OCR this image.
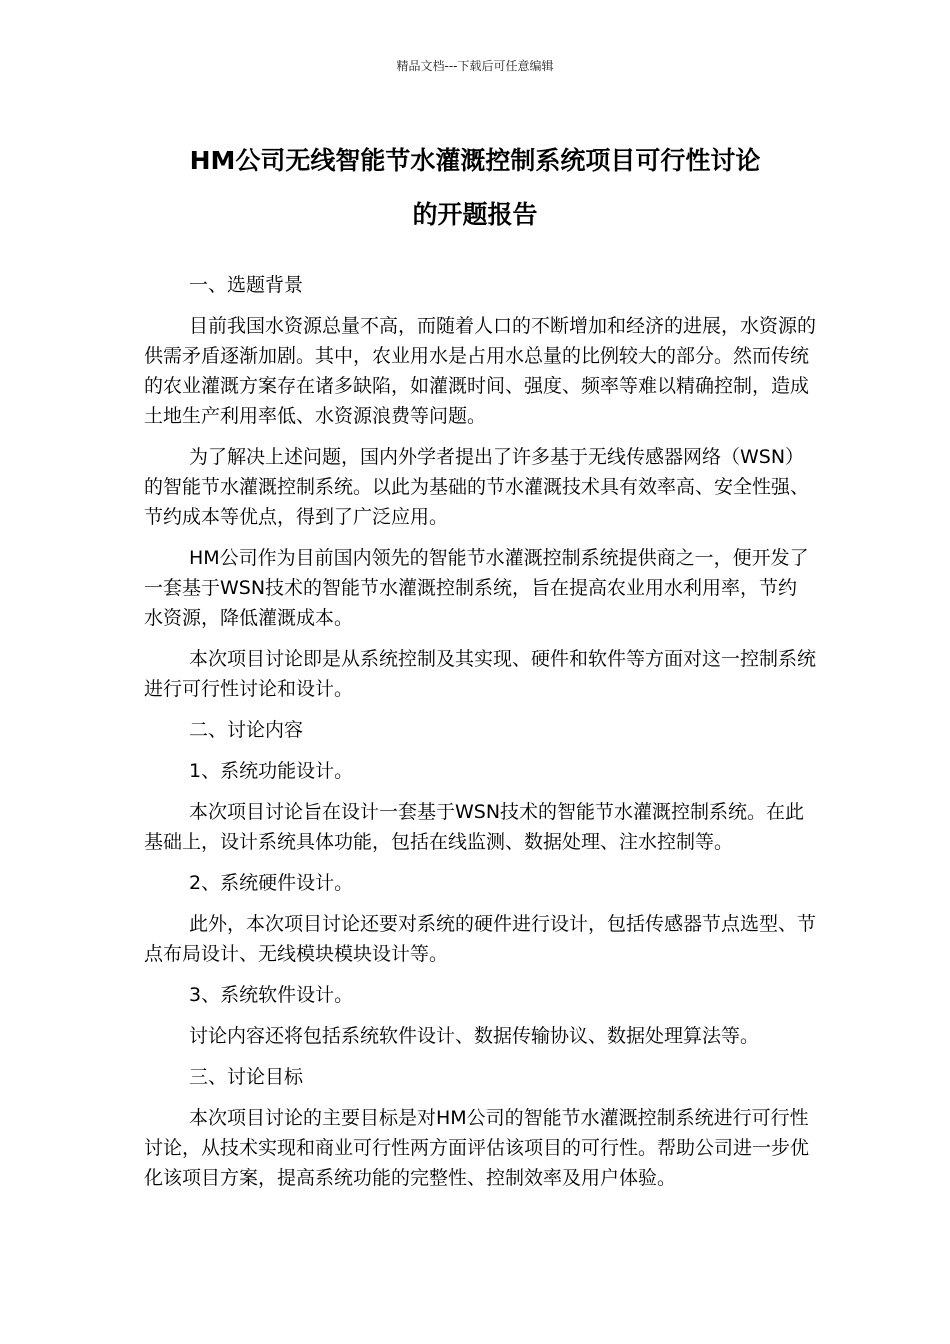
精品文档---下载后可任意编辑
HM公司无线智能节水灌溉控制系统项目可行性讨论
的开题报告

一、选题背景

目前我国水资源总量不高，而随着人口的不断增加和经济的进展，水资源的供需矛盾逐渐加剧。其中，农业用水是占用水总量的比例较大的部分。然而传统的农业灌溉方案存在诸多缺陷，如灌溉时间、强度、频率等难以精确控制，造成土地生产利用率低、水资源浪费等问题。

为了解决上述问题，国内外学者提出了许多基于无线传感器网络（WSN）的智能节水灌溉控制系统。以此为基础的节水灌溉技术具有效率高、安全性强、节约成本等优点，得到了广泛应用。

HM公司作为目前国内领先的智能节水灌溉控制系统提供商之一，便开发了一套基于WSN技术的智能节水灌溉控制系统，旨在提高农业用水利用率，节约水资源，降低灌溉成本。

本次项目讨论即是从系统控制及其实现、硬件和软件等方面对这一控制系统进行可行性讨论和设计。

二、讨论内容

1、系统功能设计。

本次项目讨论旨在设计一套基于WSN技术的智能节水灌溉控制系统。在此基础上，设计系统具体功能，包括在线监测、数据处理、注水控制等。

2、系统硬件设计。

此外，本次项目讨论还要对系统的硬件进行设计，包括传感器节点选型、节点布局设计、无线模块模块设计等。

3、系统软件设计。

讨论内容还将包括系统软件设计、数据传输协议、数据处理算法等。

三、讨论目标

本次项目讨论的主要目标是对HM公司的智能节水灌溉控制系统进行可行性讨论，从技术实现和商业可行性两方面评估该项目的可行性。帮助公司进一步优化该项目方案，提高系统功能的完整性、控制效率及用户体验。
